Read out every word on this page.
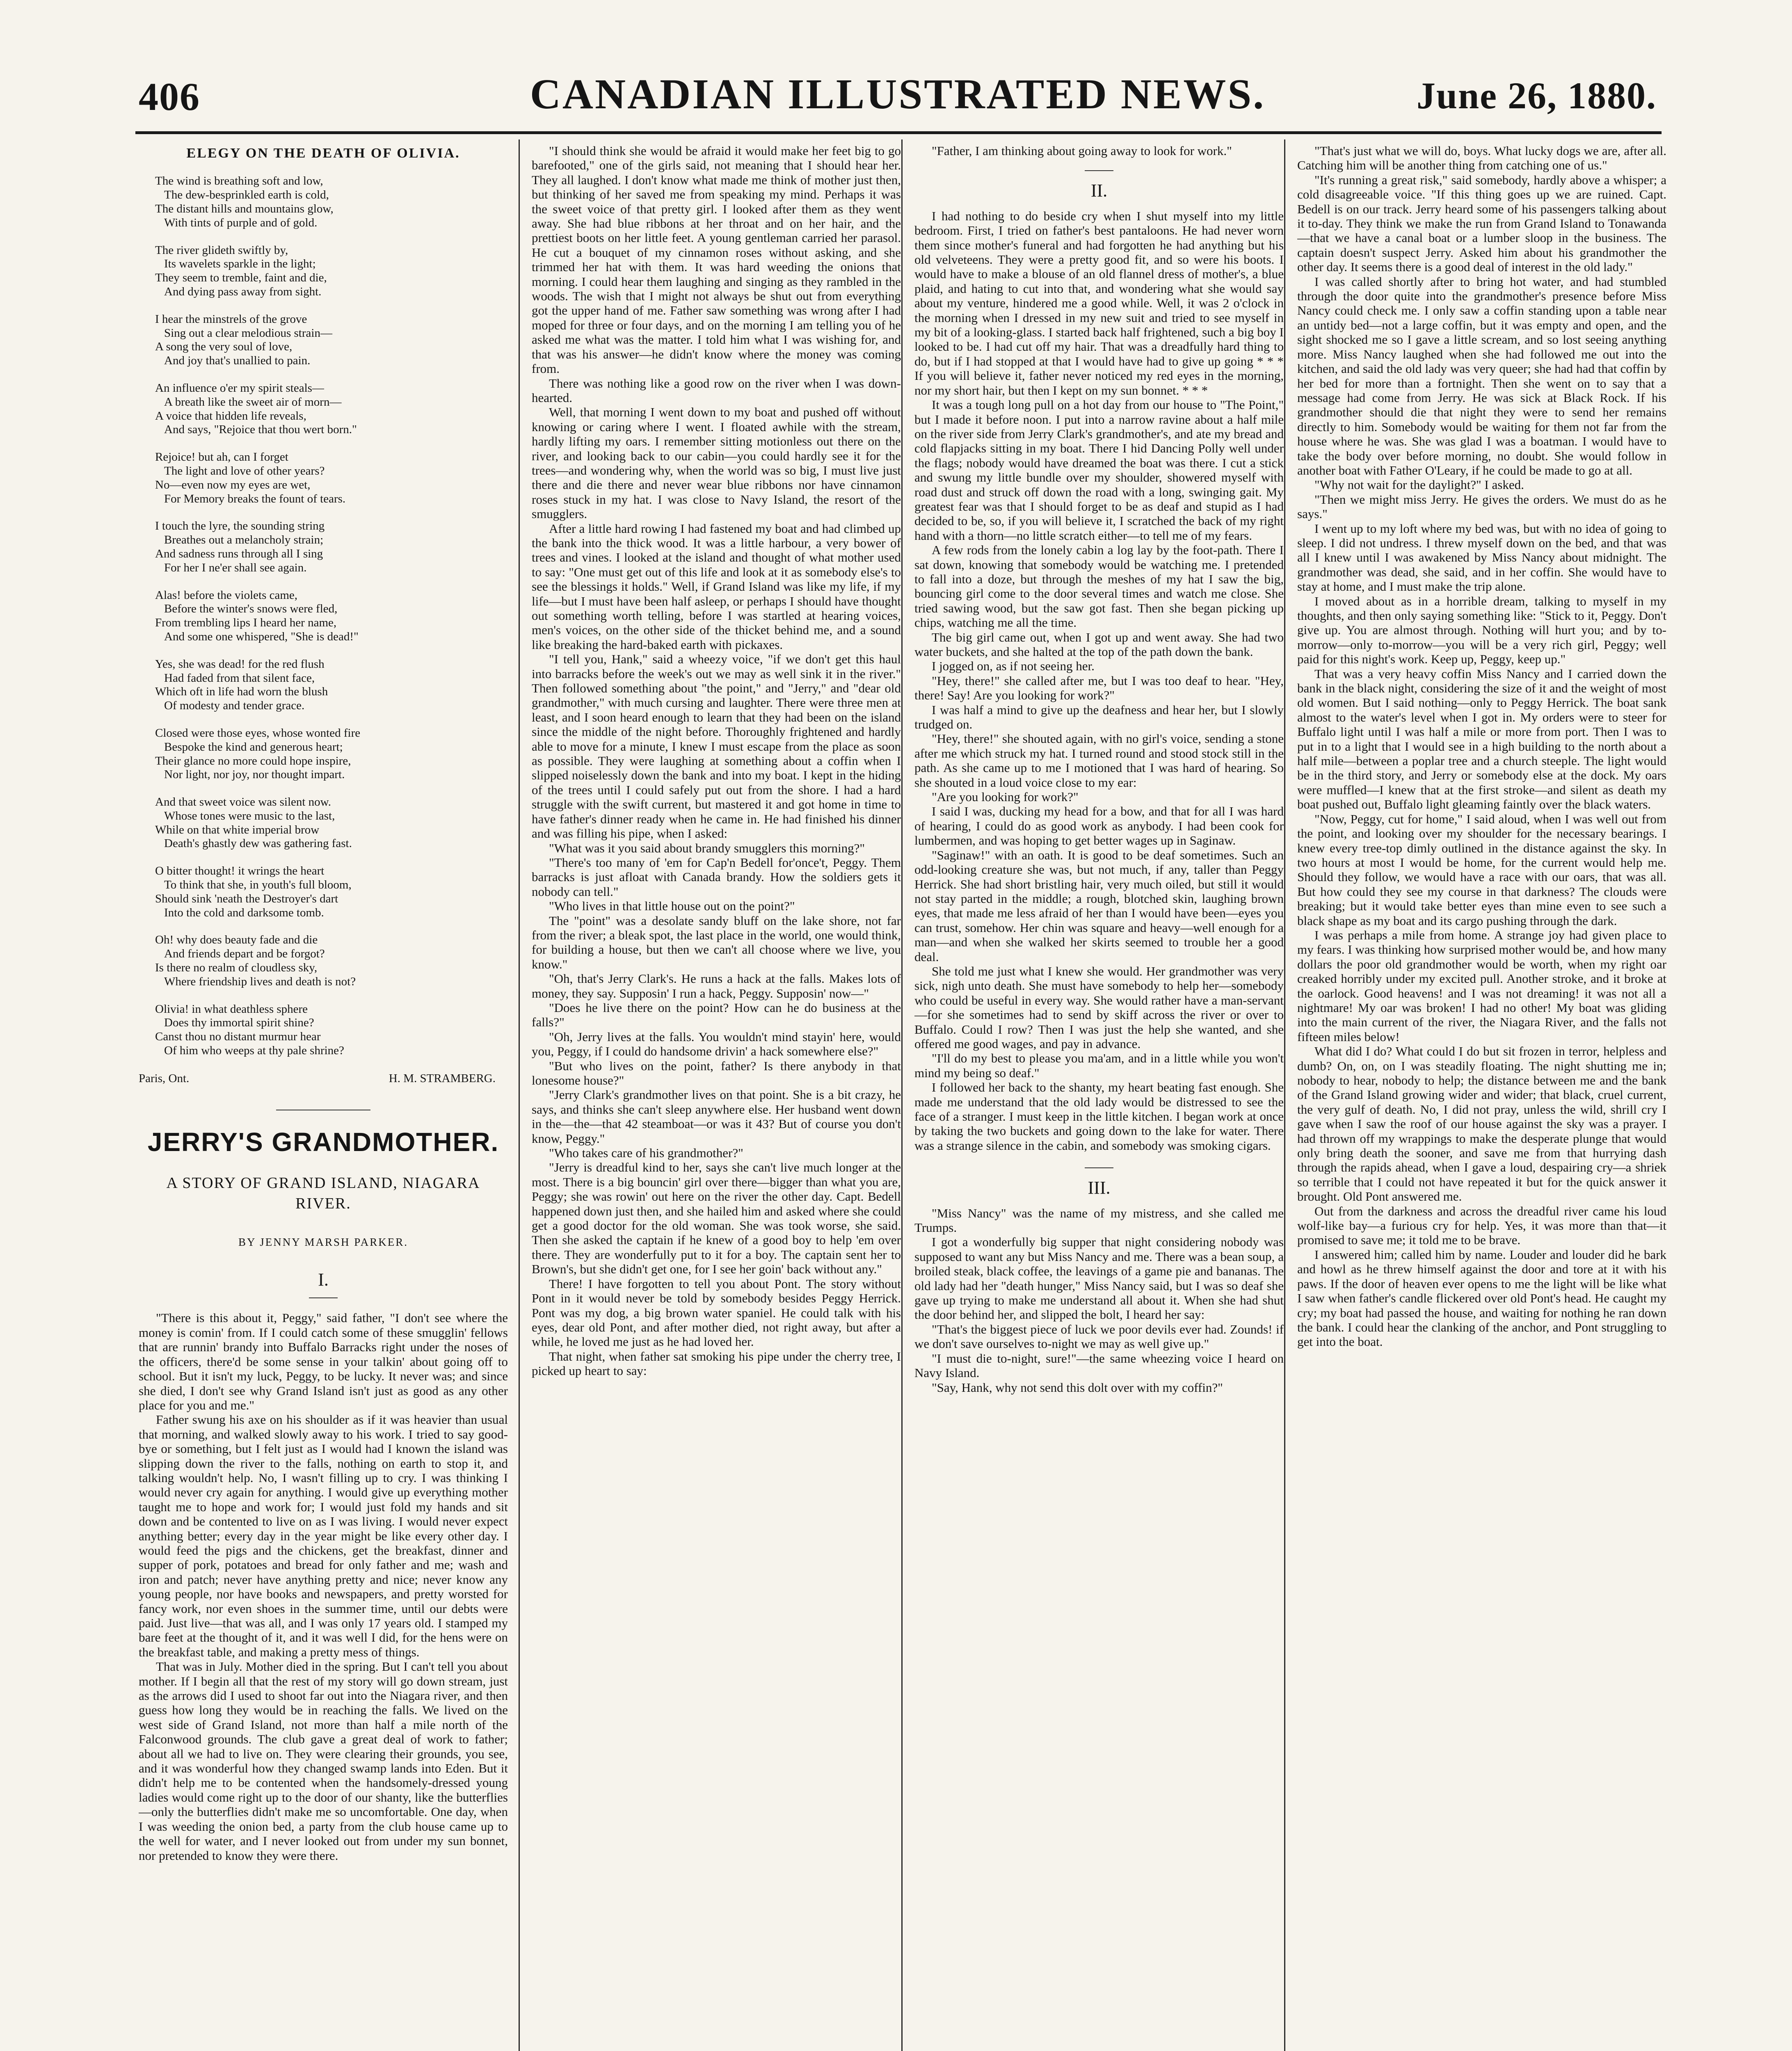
406	CANADIAN ILLUSTRATED NEWS.	June 26, 1880.
ELEGY ON THE DEATH OF OLIVIA.
The wind is breathing soft and low,
The dew-besprinkled earth is cold,
The distant hills and mountains glow,
With tints of purple and of gold.
The river glideth swiftly by,
Its wavelets sparkle in the light;
They seem to tremble, faint and die,
And dying pass away from sight.
I hear the minstrels of the grove
Sing out a clear melodious strain—
A song the very soul of love,
And joy that's unallied to pain.
An influence o'er my spirit steals—
A breath like the sweet air of morn—
A voice that hidden life reveals,
And says, "Rejoice that thou wert born."
Rejoice! but ah, can I forget
The light and love of other years?
No—even now my eyes are wet,
For Memory breaks the fount of tears.
I touch the lyre, the sounding string
Breathes out a melancholy strain;
And sadness runs through all I sing
For her I ne'er shall see again.
Alas! before the violets came,
Before the winter's snows were fled,
From trembling lips I heard her name,
And some one whispered, "She is dead!"
Yes, she was dead! for the red flush
Had faded from that silent face,
Which oft in life had worn the blush
Of modesty and tender grace.
Closed were those eyes, whose wonted fire
Bespoke the kind and generous heart;
Their glance no more could hope inspire,
Nor light, nor joy, nor thought impart.
And that sweet voice was silent now.
Whose tones were music to the last,
While on that white imperial brow
Death's ghastly dew was gathering fast.
O bitter thought! it wrings the heart
To think that she, in youth's full bloom,
Should sink 'neath the Destroyer's dart
Into the cold and darksome tomb.
Oh! why does beauty fade and die
And friends depart and be forgot?
Is there no realm of cloudless sky,
Where friendship lives and death is not?
Olivia! in what deathless sphere
Does thy immortal spirit shine?
Canst thou no distant murmur hear
Of him who weeps at thy pale shrine?
Paris, Ont.	H. M. STRAMBERG.
JERRY'S GRANDMOTHER.
A STORY OF GRAND ISLAND, NIAGARA
RIVER.
BY JENNY MARSH PARKER.
I.

"There is this about it, Peggy," said father, "I don't see where the money is comin' from. If I could catch some of these smugglin' fellows that are runnin' brandy into Buffalo Barracks right under the noses of the officers, there'd be some sense in your talkin' about going off to school. But it isn't my luck, Peggy, to be lucky. It never was; and since she died, I don't see why Grand Island isn't just as good as any other place for you and me."

Father swung his axe on his shoulder as if it was heavier than usual that morning, and walked slowly away to his work. I tried to say good-bye or something, but I felt just as I would had I known the island was slipping down the river to the falls, nothing on earth to stop it, and talking wouldn't help. No, I wasn't filling up to cry. I was thinking I would never cry again for anything. I would give up everything mother taught me to hope and work for; I would just fold my hands and sit down and be contented to live on as I was living. I would never expect anything better; every day in the year might be like every other day. I would feed the pigs and the chickens, get the breakfast, dinner and supper of pork, potatoes and bread for only father and me; wash and iron and patch; never have anything pretty and nice; never know any young people, nor have books and newspapers, and pretty worsted for fancy work, nor even shoes in the summer time, until our debts were paid. Just live—that was all, and I was only 17 years old. I stamped my bare feet at the thought of it, and it was well I did, for the hens were on the breakfast table, and making a pretty mess of things.

That was in July. Mother died in the spring. But I can't tell you about mother. If I begin all that the rest of my story will go down stream, just as the arrows did I used to shoot far out into the Niagara river, and then guess how long they would be in reaching the falls. We lived on the west side of Grand Island, not more than half a mile north of the Falconwood grounds. The club gave a great deal of work to father; about all we had to live on. They were clearing their grounds, you see, and it was wonderful how they changed swamp lands into Eden. But it didn't help me to be contented when the handsomely-dressed young ladies would come right up to the door of our shanty, like the butterflies—only the butterflies didn't make me so uncomfortable. One day, when I was weeding the onion bed, a party from the club house came up to the well for water, and I never looked out from under my sun bonnet, nor pretended to know they were there.

"I should think she would be afraid it would make her feet big to go barefooted," one of the girls said, not meaning that I should hear her. They all laughed. I don't know what made me think of mother just then, but thinking of her saved me from speaking my mind. Perhaps it was the sweet voice of that pretty girl. I looked after them as they went away. She had blue ribbons at her throat and on her hair, and the prettiest boots on her little feet. A young gentleman carried her parasol. He cut a bouquet of my cinnamon roses without asking, and she trimmed her hat with them. It was hard weeding the onions that morning. I could hear them laughing and singing as they rambled in the woods. The wish that I might not always be shut out from everything got the upper hand of me. Father saw something was wrong after I had moped for three or four days, and on the morning I am telling you of he asked me what was the matter. I told him what I was wishing for, and that was his answer—he didn't know where the money was coming from.

There was nothing like a good row on the river when I was down-hearted.

Well, that morning I went down to my boat and pushed off without knowing or caring where I went. I floated awhile with the stream, hardly lifting my oars. I remember sitting motionless out there on the river, and looking back to our cabin—you could hardly see it for the trees—and wondering why, when the world was so big, I must live just there and die there and never wear blue ribbons nor have cinnamon roses stuck in my hat. I was close to Navy Island, the resort of the smugglers.

After a little hard rowing I had fastened my boat and had climbed up the bank into the thick wood. It was a little harbour, a very bower of trees and vines. I looked at the island and thought of what mother used to say: "One must get out of this life and look at it as somebody else's to see the blessings it holds." Well, if Grand Island was like my life, if my life—but I must have been half asleep, or perhaps I should have thought out something worth telling, before I was startled at hearing voices, men's voices, on the other side of the thicket behind me, and a sound like breaking the hard-baked earth with pickaxes.

"I tell you, Hank," said a wheezy voice, "if we don't get this haul into barracks before the week's out we may as well sink it in the river." Then followed something about "the point," and "Jerry," and "dear old grandmother," with much cursing and laughter. There were three men at least, and I soon heard enough to learn that they had been on the island since the middle of the night before. Thoroughly frightened and hardly able to move for a minute, I knew I must escape from the place as soon as possible. They were laughing at something about a coffin when I slipped noiselessly down the bank and into my boat. I kept in the hiding of the trees until I could safely put out from the shore. I had a hard struggle with the swift current, but mastered it and got home in time to have father's dinner ready when he came in. He had finished his dinner and was filling his pipe, when I asked:

"What was it you said about brandy smugglers this morning?"

"There's too many of 'em for Cap'n Bedell for'once't, Peggy. Them barracks is just afloat with Canada brandy. How the soldiers gets it nobody can tell."

"Who lives in that little house out on the point?"

The "point" was a desolate sandy bluff on the lake shore, not far from the river; a bleak spot, the last place in the world, one would think, for building a house, but then we can't all choose where we live, you know."

"Oh, that's Jerry Clark's. He runs a hack at the falls. Makes lots of money, they say. Supposin' I run a hack, Peggy. Supposin' now—"

"Does he live there on the point? How can he do business at the falls?"

"Oh, Jerry lives at the falls. You wouldn't mind stayin' here, would you, Peggy, if I could do handsome drivin' a hack somewhere else?"

"But who lives on the point, father? Is there anybody in that lonesome house?"

"Jerry Clark's grandmother lives on that point. She is a bit crazy, he says, and thinks she can't sleep anywhere else. Her husband went down in the—the—that 42 steamboat—or was it 43? But of course you don't know, Peggy."

"Who takes care of his grandmother?"

"Jerry is dreadful kind to her, says she can't live much longer at the most. There is a big bouncin' girl over there—bigger than what you are, Peggy; she was rowin' out here on the river the other day. Capt. Bedell happened down just then, and she hailed him and asked where she could get a good doctor for the old woman. She was took worse, she said. Then she asked the captain if he knew of a good boy to help 'em over there. They are wonderfully put to it for a boy. The captain sent her to Brown's, but she didn't get one, for I see her goin' back without any."

There! I have forgotten to tell you about Pont. The story without Pont in it would never be told by somebody besides Peggy Herrick. Pont was my dog, a big brown water spaniel. He could talk with his eyes, dear old Pont, and after mother died, not right away, but after a while, he loved me just as he had loved her.

That night, when father sat smoking his pipe under the cherry tree, I picked up heart to say:

"Father, I am thinking about going away to look for work."

II.

I had nothing to do beside cry when I shut myself into my little bedroom. First, I tried on father's best pantaloons. He had never worn them since mother's funeral and had forgotten he had anything but his old velveteens. They were a pretty good fit, and so were his boots. I would have to make a blouse of an old flannel dress of mother's, a blue plaid, and hating to cut into that, and wondering what she would say about my venture, hindered me a good while. Well, it was 2 o'clock in the morning when I dressed in my new suit and tried to see myself in my bit of a looking-glass. I started back half frightened, such a big boy I looked to be. I had cut off my hair. That was a dreadfully hard thing to do, but if I had stopped at that I would have had to give up going * * * If you will believe it, father never noticed my red eyes in the morning, nor my short hair, but then I kept on my sun bonnet. * * *

It was a tough long pull on a hot day from our house to "The Point," but I made it before noon. I put into a narrow ravine about a half mile on the river side from Jerry Clark's grandmother's, and ate my bread and cold flapjacks sitting in my boat. There I hid Dancing Polly well under the flags; nobody would have dreamed the boat was there. I cut a stick and swung my little bundle over my shoulder, showered myself with road dust and struck off down the road with a long, swinging gait. My greatest fear was that I should forget to be as deaf and stupid as I had decided to be, so, if you will believe it, I scratched the back of my right hand with a thorn—no little scratch either—to tell me of my fears.

A few rods from the lonely cabin a log lay by the foot-path. There I sat down, knowing that somebody would be watching me. I pretended to fall into a doze, but through the meshes of my hat I saw the big, bouncing girl come to the door several times and watch me close. She tried sawing wood, but the saw got fast. Then she began picking up chips, watching me all the time.

The big girl came out, when I got up and went away. She had two water buckets, and she halted at the top of the path down the bank.

I jogged on, as if not seeing her.

"Hey, there!" she called after me, but I was too deaf to hear. "Hey, there! Say! Are you looking for work?"

I was half a mind to give up the deafness and hear her, but I slowly trudged on.

"Hey, there!" she shouted again, with no girl's voice, sending a stone after me which struck my hat. I turned round and stood stock still in the path. As she came up to me I motioned that I was hard of hearing. So she shouted in a loud voice close to my ear:

"Are you looking for work?"

I said I was, ducking my head for a bow, and that for all I was hard of hearing, I could do as good work as anybody. I had been cook for lumbermen, and was hoping to get better wages up in Saginaw.

"Saginaw!" with an oath. It is good to be deaf sometimes. Such an odd-looking creature she was, but not much, if any, taller than Peggy Herrick. She had short bristling hair, very much oiled, but still it would not stay parted in the middle; a rough, blotched skin, laughing brown eyes, that made me less afraid of her than I would have been—eyes you can trust, somehow. Her chin was square and heavy—well enough for a man—and when she walked her skirts seemed to trouble her a good deal.

She told me just what I knew she would. Her grandmother was very sick, nigh unto death. She must have somebody to help her—somebody who could be useful in every way. She would rather have a man-servant—for she sometimes had to send by skiff across the river or over to Buffalo. Could I row? Then I was just the help she wanted, and she offered me good wages, and pay in advance.

"I'll do my best to please you ma'am, and in a little while you won't mind my being so deaf."

I followed her back to the shanty, my heart beating fast enough. She made me understand that the old lady would be distressed to see the face of a stranger. I must keep in the little kitchen. I began work at once by taking the two buckets and going down to the lake for water. There was a strange silence in the cabin, and somebody was smoking cigars.

III.

"Miss Nancy" was the name of my mistress, and she called me Trumps.

I got a wonderfully big supper that night considering nobody was supposed to want any but Miss Nancy and me. There was a bean soup, a broiled steak, black coffee, the leavings of a game pie and bananas. The old lady had her "death hunger," Miss Nancy said, but I was so deaf she gave up trying to make me understand all about it. When she had shut the door behind her, and slipped the bolt, I heard her say:

"That's the biggest piece of luck we poor devils ever had. Zounds! if we don't save ourselves to-night we may as well give up."

"I must die to-night, sure!"—the same wheezing voice I heard on Navy Island.

"Say, Hank, why not send this dolt over with my coffin?"

"That's just what we will do, boys. What lucky dogs we are, after all. Catching him will be another thing from catching one of us."

"It's running a great risk," said somebody, hardly above a whisper; a cold disagreeable voice. "If this thing goes up we are ruined. Capt. Bedell is on our track. Jerry heard some of his passengers talking about it to-day. They think we make the run from Grand Island to Tonawanda—that we have a canal boat or a lumber sloop in the business. The captain doesn't suspect Jerry. Asked him about his grandmother the other day. It seems there is a good deal of interest in the old lady."

I was called shortly after to bring hot water, and had stumbled through the door quite into the grandmother's presence before Miss Nancy could check me. I only saw a coffin standing upon a table near an untidy bed—not a large coffin, but it was empty and open, and the sight shocked me so I gave a little scream, and so lost seeing anything more. Miss Nancy laughed when she had followed me out into the kitchen, and said the old lady was very queer; she had had that coffin by her bed for more than a fortnight. Then she went on to say that a message had come from Jerry. He was sick at Black Rock. If his grandmother should die that night they were to send her remains directly to him. Somebody would be waiting for them not far from the house where he was. She was glad I was a boatman. I would have to take the body over before morning, no doubt. She would follow in another boat with Father O'Leary, if he could be made to go at all.

"Why not wait for the daylight?" I asked.

"Then we might miss Jerry. He gives the orders. We must do as he says."

I went up to my loft where my bed was, but with no idea of going to sleep. I did not undress. I threw myself down on the bed, and that was all I knew until I was awakened by Miss Nancy about midnight. The grandmother was dead, she said, and in her coffin. She would have to stay at home, and I must make the trip alone.

I moved about as in a horrible dream, talking to myself in my thoughts, and then only saying something like: "Stick to it, Peggy. Don't give up. You are almost through. Nothing will hurt you; and by to-morrow—only to-morrow—you will be a very rich girl, Peggy; well paid for this night's work. Keep up, Peggy, keep up."

That was a very heavy coffin Miss Nancy and I carried down the bank in the black night, considering the size of it and the weight of most old women. But I said nothing—only to Peggy Herrick. The boat sank almost to the water's level when I got in. My orders were to steer for Buffalo light until I was half a mile or more from port. Then I was to put in to a light that I would see in a high building to the north about a half mile—between a poplar tree and a church steeple. The light would be in the third story, and Jerry or somebody else at the dock. My oars were muffled—I knew that at the first stroke—and silent as death my boat pushed out, Buffalo light gleaming faintly over the black waters.

"Now, Peggy, cut for home," I said aloud, when I was well out from the point, and looking over my shoulder for the necessary bearings. I knew every tree-top dimly outlined in the distance against the sky. In two hours at most I would be home, for the current would help me. Should they follow, we would have a race with our oars, that was all. But how could they see my course in that darkness? The clouds were breaking; but it would take better eyes than mine even to see such a black shape as my boat and its cargo pushing through the dark.

I was perhaps a mile from home. A strange joy had given place to my fears. I was thinking how surprised mother would be, and how many dollars the poor old grandmother would be worth, when my right oar creaked horribly under my excited pull. Another stroke, and it broke at the oarlock. Good heavens! and I was not dreaming! it was not all a nightmare! My oar was broken! I had no other! My boat was gliding into the main current of the river, the Niagara River, and the falls not fifteen miles below!

What did I do? What could I do but sit frozen in terror, helpless and dumb? On, on, on I was steadily floating. The night shutting me in; nobody to hear, nobody to help; the distance between me and the bank of the Grand Island growing wider and wider; that black, cruel current, the very gulf of death. No, I did not pray, unless the wild, shrill cry I gave when I saw the roof of our house against the sky was a prayer. I had thrown off my wrappings to make the desperate plunge that would only bring death the sooner, and save me from that hurrying dash through the rapids ahead, when I gave a loud, despairing cry—a shriek so terrible that I could not have repeated it but for the quick answer it brought. Old Pont answered me.

Out from the darkness and across the dreadful river came his loud wolf-like bay—a furious cry for help. Yes, it was more than that—it promised to save me; it told me to be brave.

I answered him; called him by name. Louder and louder did he bark and howl as he threw himself against the door and tore at it with his paws. If the door of heaven ever opens to me the light will be like what I saw when father's candle flickered over old Pont's head. He caught my cry; my boat had passed the house, and waiting for nothing he ran down the bank. I could hear the clanking of the anchor, and Pont struggling to get into the boat.
